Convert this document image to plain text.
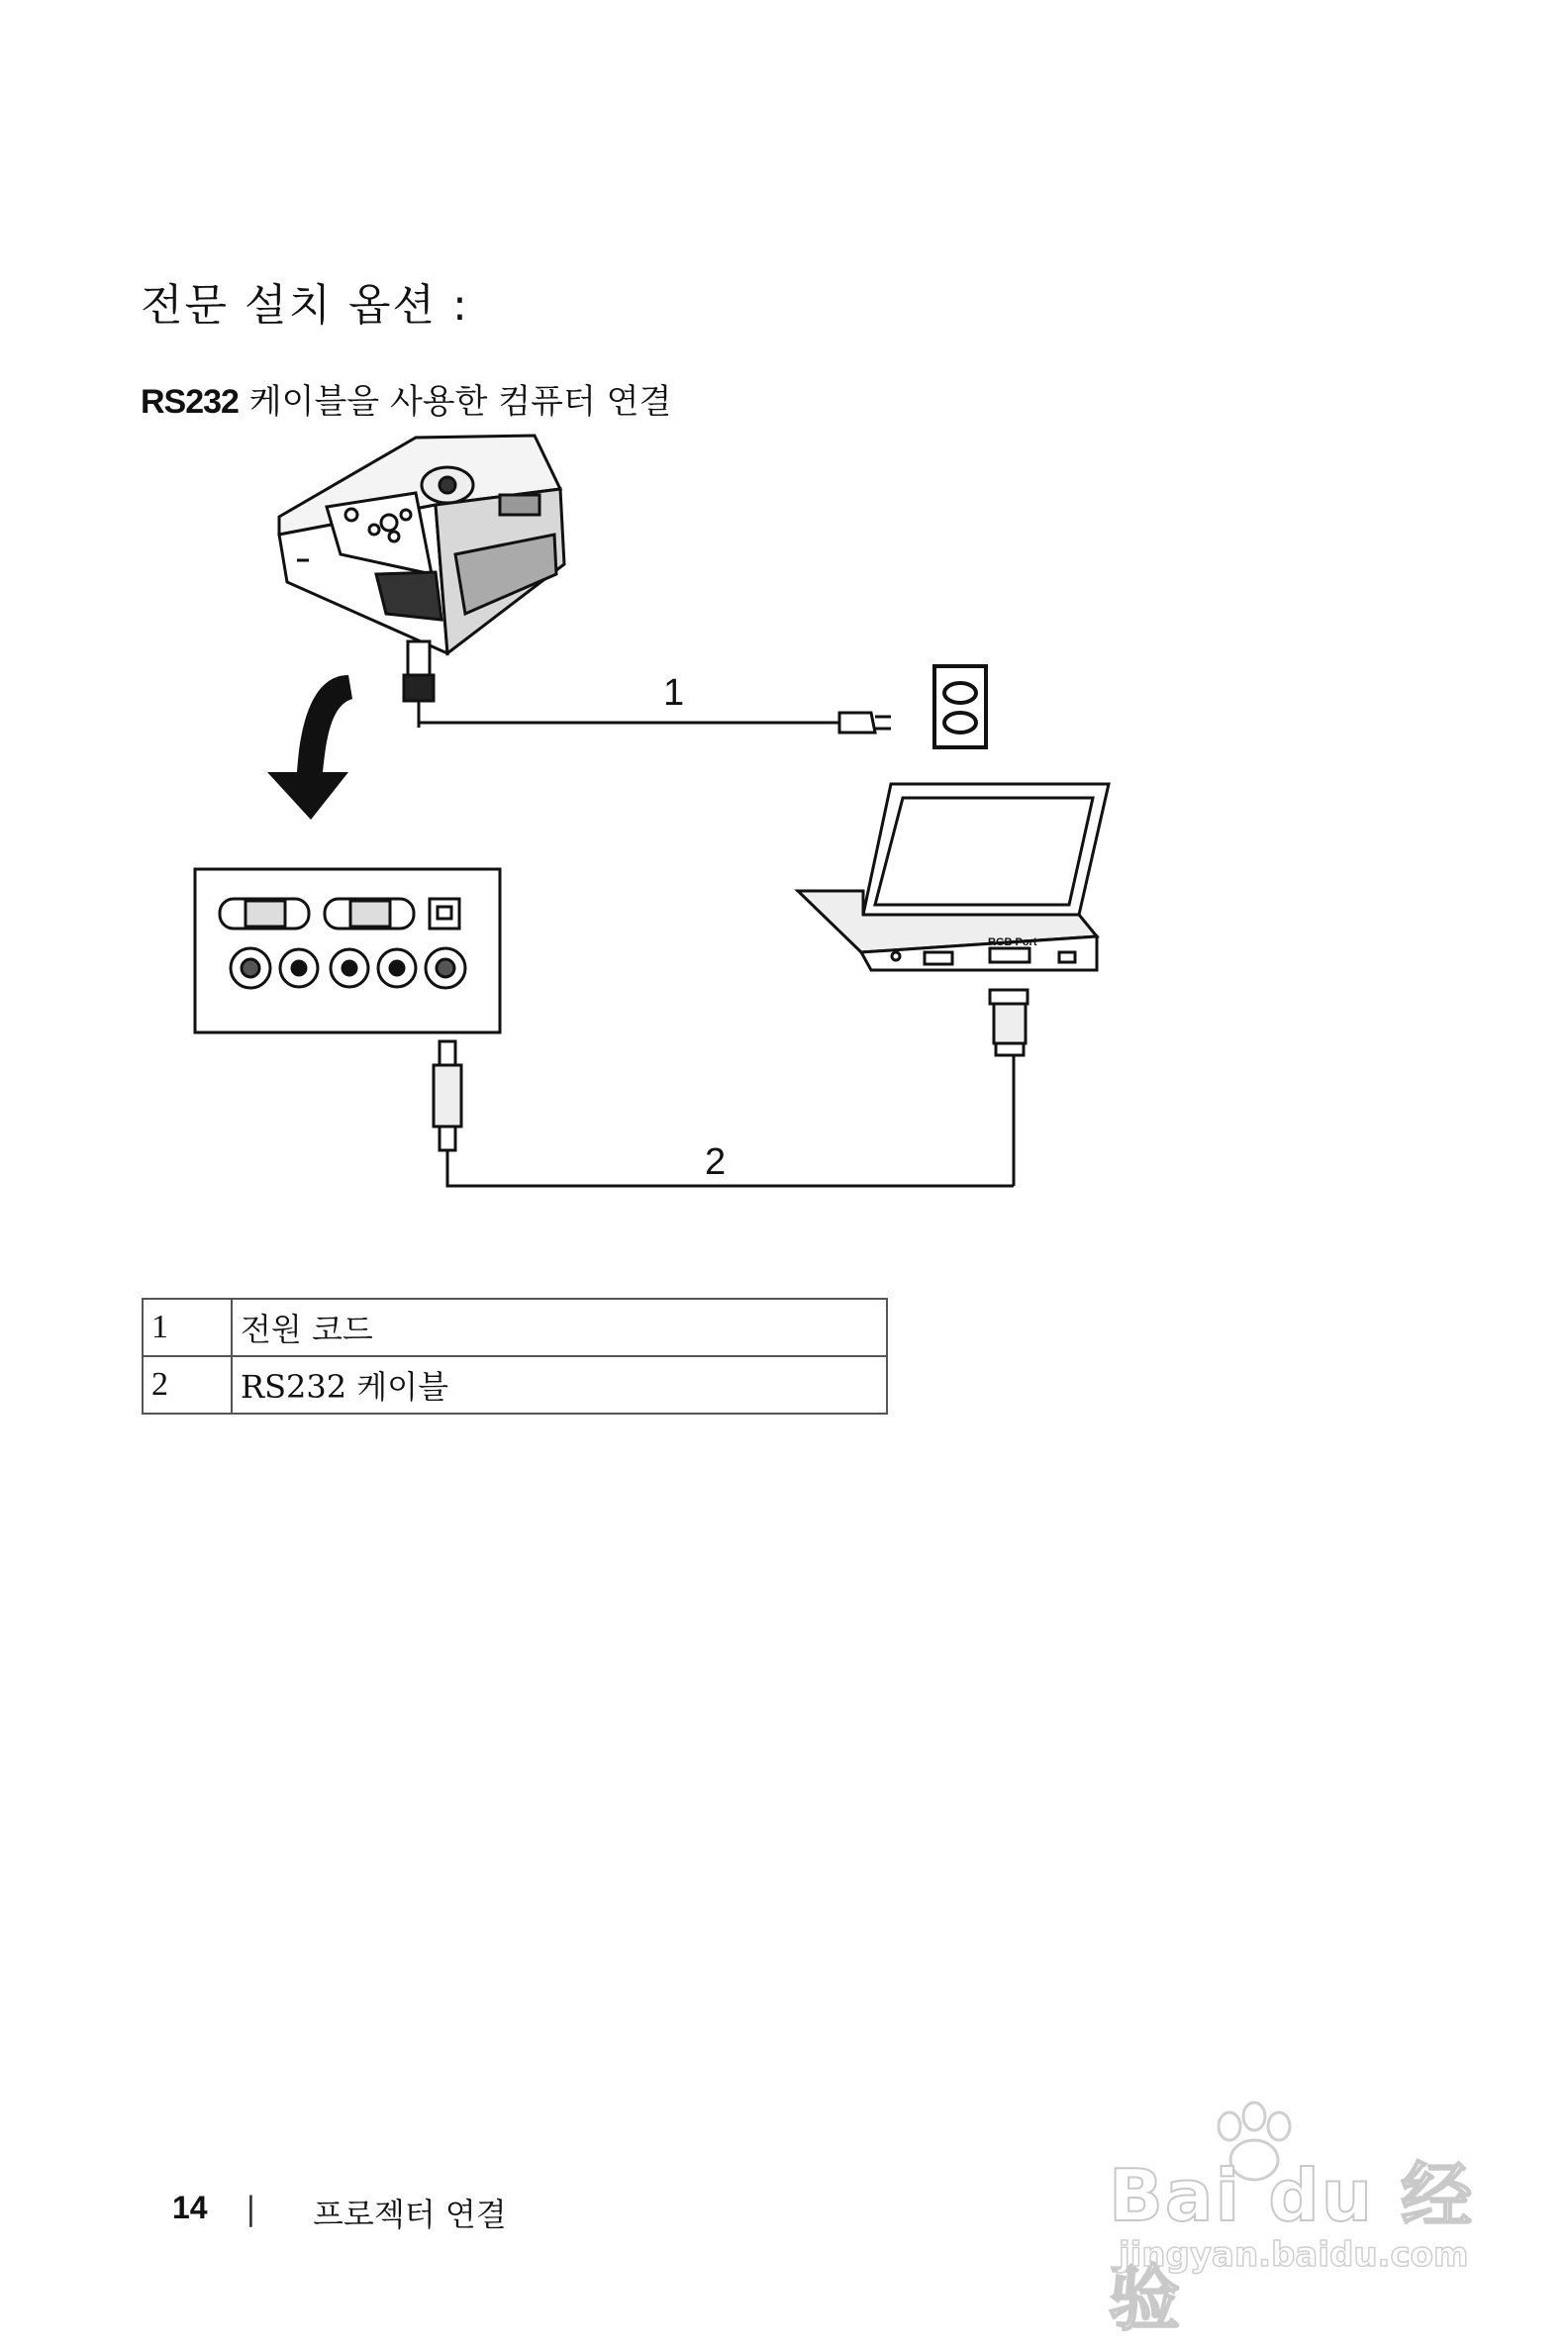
전문 설치 옵션 :
RS232 케이블을 사용한 컴퓨터 연결
1
RGB Port
2
1	전원 코드
2	RS232 케이블
14 | 프로젝터 연결	Bai du 经验
jingyan.baidu.com
